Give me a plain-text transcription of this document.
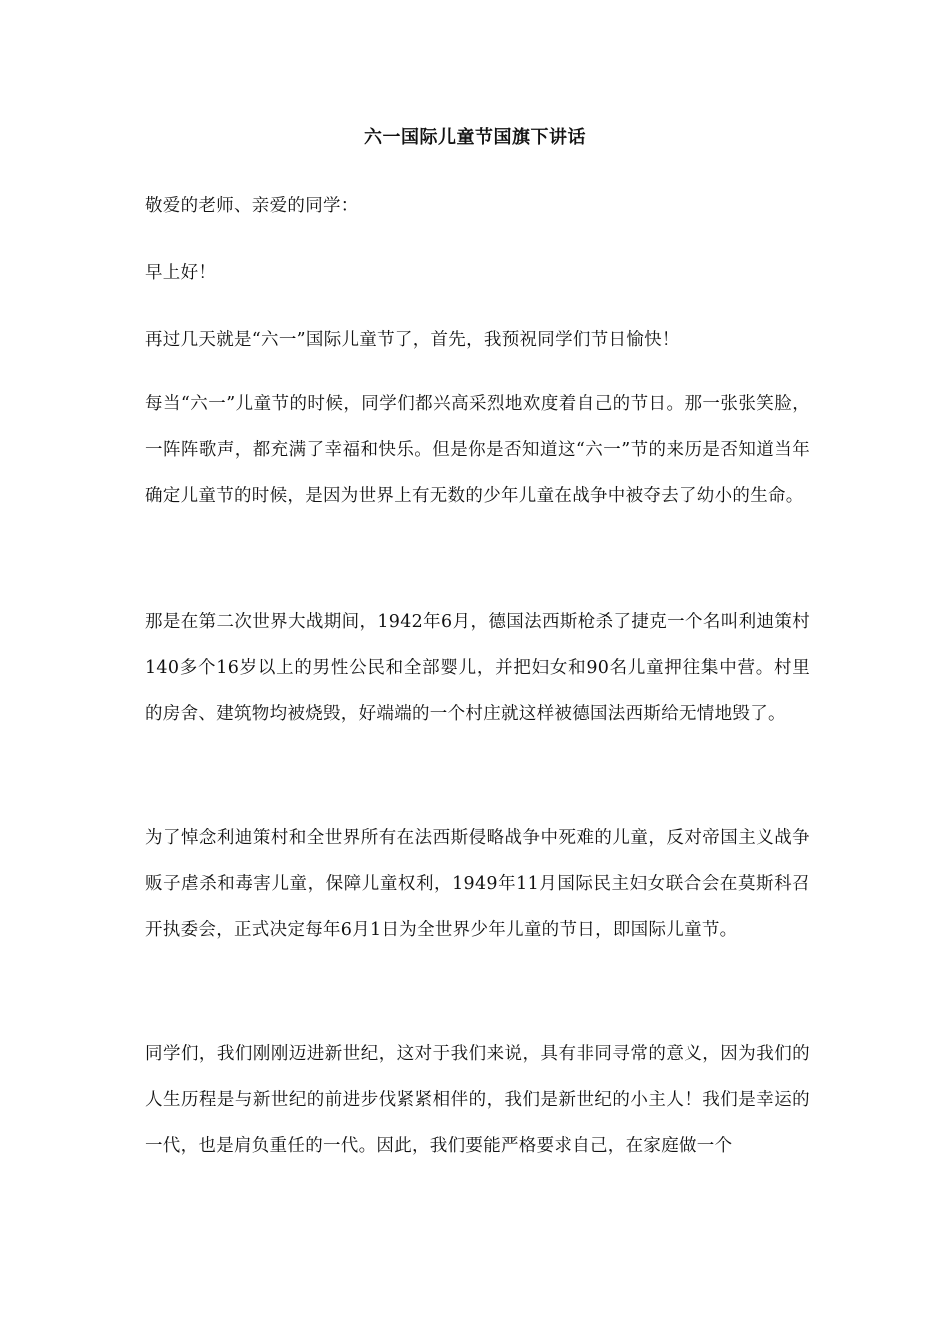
六一国际儿童节国旗下讲话

敬爱的老师、亲爱的同学：

早上好！

再过几天就是“六一”国际儿童节了，首先，我预祝同学们节日愉快！

每当“六一”儿童节的时候，同学们都兴高采烈地欢度着自己的节日。那一张张笑脸，一阵阵歌声，都充满了幸福和快乐。但是你是否知道这“六一”节的来历是否知道当年确定儿童节的时候，是因为世界上有无数的少年儿童在战争中被夺去了幼小的生命。

那是在第二次世界大战期间，1942年6月，德国法西斯枪杀了捷克一个名叫利迪策村140多个16岁以上的男性公民和全部婴儿，并把妇女和90名儿童押往集中营。村里的房舍、建筑物均被烧毁，好端端的一个村庄就这样被德国法西斯给无情地毁了。

为了悼念利迪策村和全世界所有在法西斯侵略战争中死难的儿童，反对帝国主义战争贩子虐杀和毒害儿童，保障儿童权利，1949年11月国际民主妇女联合会在莫斯科召开执委会，正式决定每年6月1日为全世界少年儿童的节日，即国际儿童节。

同学们，我们刚刚迈进新世纪，这对于我们来说，具有非同寻常的意义，因为我们的人生历程是与新世纪的前进步伐紧紧相伴的，我们是新世纪的小主人！我们是幸运的一代，也是肩负重任的一代。因此，我们要能严格要求自己，在家庭做一个
